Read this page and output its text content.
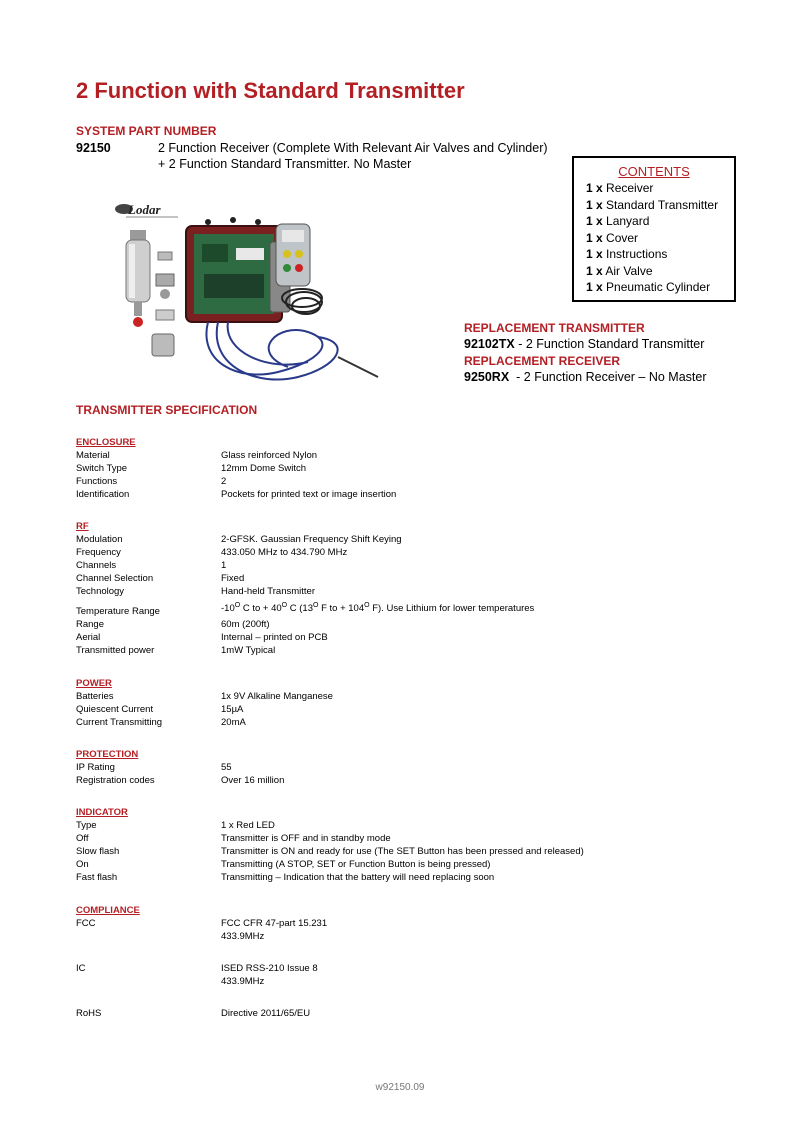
2 Function with Standard Transmitter
SYSTEM PART NUMBER
92150	2 Function Receiver (Complete With Relevant Air Valves and Cylinder)
+ 2 Function Standard Transmitter. No Master	CONTENTS
1 x Receiver
1 x Standard Transmitter
1 x Lanyard
1 x Cover
1 x Instructions
1 x Air Valve
1 x Pneumatic Cylinder
Lodar
REPLACEMENT TRANSMITTER
92102TX - 2 Function Standard Transmitter
REPLACEMENT RECEIVER
9250RX  - 2 Function Receiver – No Master
TRANSMITTER SPECIFICATION
ENCLOSURE
Material	Glass reinforced Nylon
Switch Type	12mm Dome Switch
Functions	2
Identification	Pockets for printed text or image insertion
RF
Modulation	2-GFSK. Gaussian Frequency Shift Keying
Frequency	433.050 MHz to 434.790 MHz
Channels	1
Channel Selection	Fixed
Technology	Hand-held Transmitter
Temperature Range	$-10^O$ C to + $40^O$ C ($13^O$ F to + $104^O$ F). Use Lithium for lower temperatures
Range	60m (200ft)
Aerial	Internal – printed on PCB
Transmitted power	1mW Typical
POWER
Batteries	1x 9V Alkaline Manganese
Quiescent Current	15µA
Current Transmitting	20mA
PROTECTION
IP Rating	55
Registration codes	Over 16 million
INDICATOR
Type	1 x Red LED
Off	Transmitter is OFF and in standby mode
Slow flash	Transmitter is ON and ready for use (The SET Button has been pressed and released)
On	Transmitting (A STOP, SET or Function Button is being pressed)
Fast flash	Transmitting – Indication that the battery will need replacing soon
COMPLIANCE
FCC	FCC CFR 47-part 15.231
433.9MHz
IC	ISED RSS-210 Issue 8
433.9MHz
RoHS	Directive 2011/65/EU
w92150.09
